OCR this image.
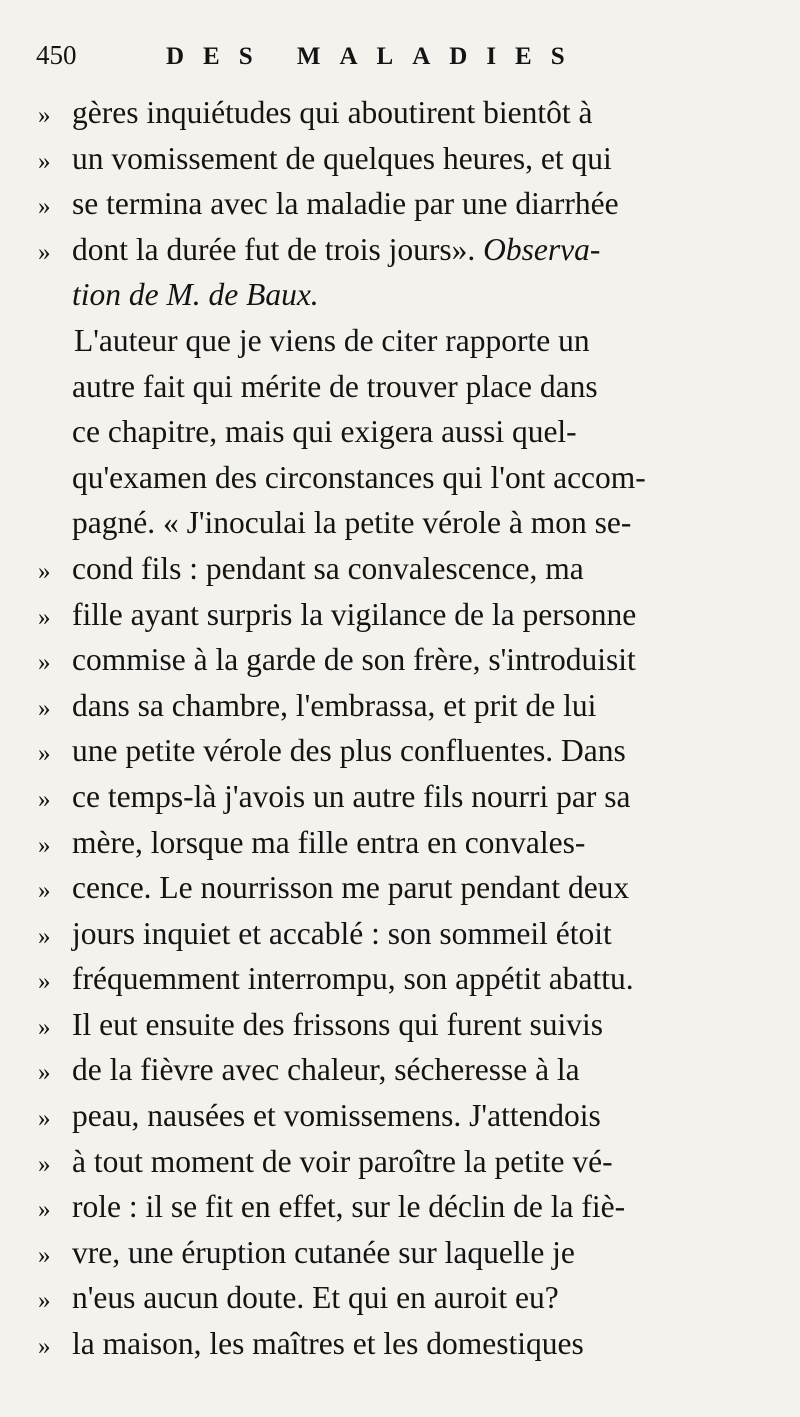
450	DES MALADIES
» gères inquiétudes qui aboutirent bientôt à
» un vomissement de quelques heures, et qui
» se termina avec la maladie par une diarrhée
» dont la durée fut de trois jours». Observa-
tion de M. de Baux.
L'auteur que je viens de citer rapporte un
autre fait qui mérite de trouver place dans
ce chapitre, mais qui exigera aussi quel-
qu'examen des circonstances qui l'ont accom-
pagné. « J'inoculai la petite vérole à mon se-
» cond fils : pendant sa convalescence, ma
» fille ayant surpris la vigilance de la personne
» commise à la garde de son frère, s'introduisit
» dans sa chambre, l'embrassa, et prit de lui
» une petite vérole des plus confluentes. Dans
» ce temps-là j'avois un autre fils nourri par sa
» mère, lorsque ma fille entra en convales-
» cence. Le nourrisson me parut pendant deux
» jours inquiet et accablé : son sommeil étoit
» fréquemment interrompu, son appétit abattu.
» Il eut ensuite des frissons qui furent suivis
» de la fièvre avec chaleur, sécheresse à la
» peau, nausées et vomissemens. J'attendois
» à tout moment de voir paroître la petite vé-
» role : il se fit en effet, sur le déclin de la fiè-
» vre, une éruption cutanée sur laquelle je
» n'eus aucun doute. Et qui en auroit eu?
» la maison, les maîtres et les domestiques
